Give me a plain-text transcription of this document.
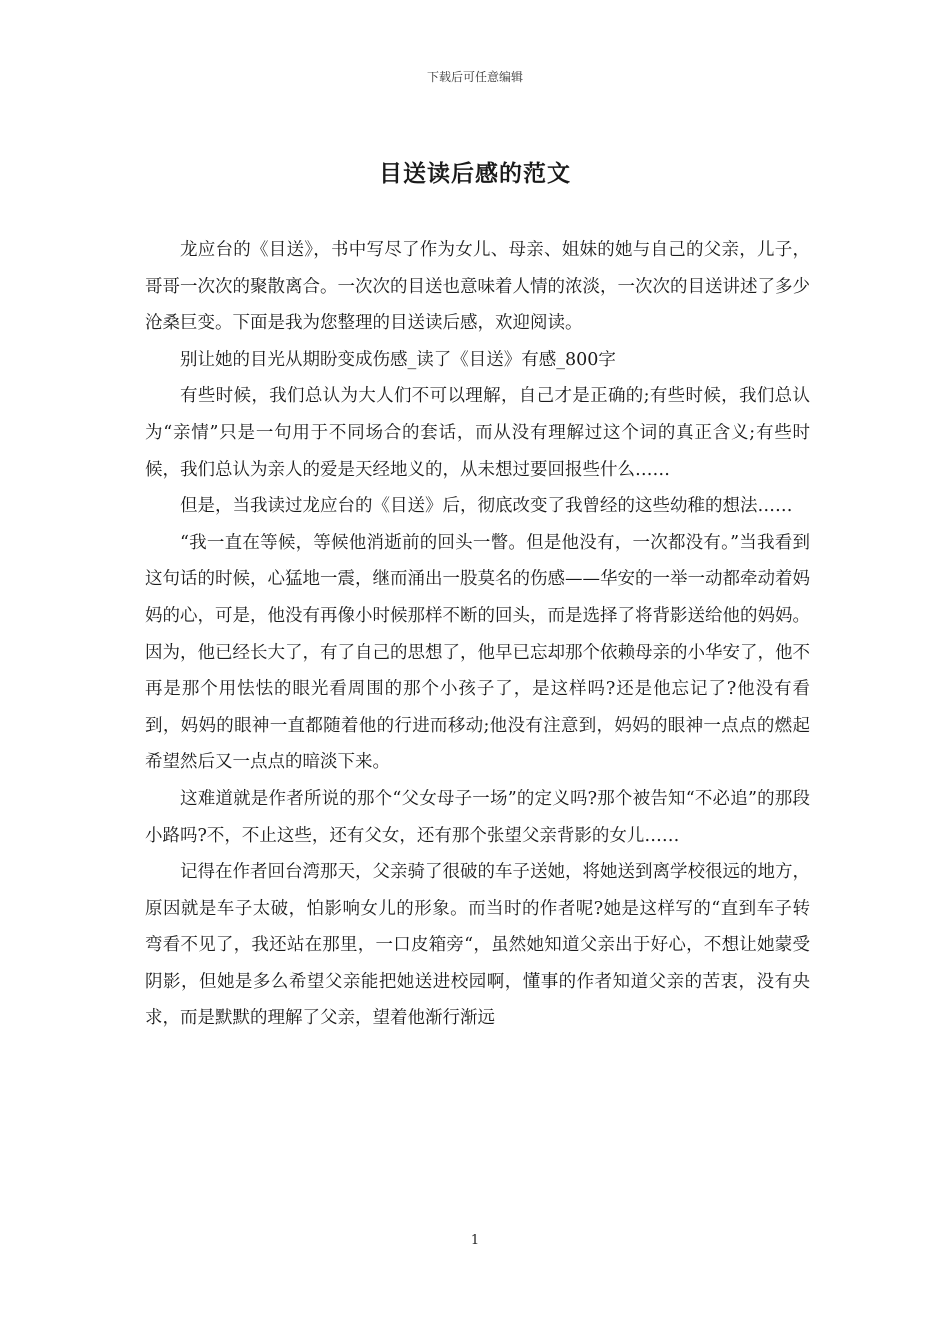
下载后可任意编辑
目送读后感的范文

龙应台的《目送》，书中写尽了作为女儿、母亲、姐妹的她与自己的父亲，儿子，哥哥一次次的聚散离合。一次次的目送也意味着人情的浓淡，一次次的目送讲述了多少沧桑巨变。下面是我为您整理的目送读后感，欢迎阅读。

别让她的目光从期盼变成伤感_读了《目送》有感_800字

有些时候，我们总认为大人们不可以理解，自己才是正确的;有些时候，我们总认为“亲情”只是一句用于不同场合的套话，而从没有理解过这个词的真正含义;有些时候，我们总认为亲人的爱是天经地义的，从未想过要回报些什么……

但是，当我读过龙应台的《目送》后，彻底改变了我曾经的这些幼稚的想法……

“我一直在等候，等候他消逝前的回头一瞥。但是他没有，一次都没有。”当我看到这句话的时候，心猛地一震，继而涌出一股莫名的伤感——华安的一举一动都牵动着妈妈的心，可是，他没有再像小时候那样不断的回头，而是选择了将背影送给他的妈妈。因为，他已经长大了，有了自己的思想了，他早已忘却那个依赖母亲的小华安了，他不再是那个用怯怯的眼光看周围的那个小孩子了，是这样吗?还是他忘记了?他没有看到，妈妈的眼神一直都随着他的行进而移动;他没有注意到，妈妈的眼神一点点的燃起希望然后又一点点的暗淡下来。

这难道就是作者所说的那个“父女母子一场”的定义吗?那个被告知“不必追”的那段小路吗?不，不止这些，还有父女，还有那个张望父亲背影的女儿……

记得在作者回台湾那天，父亲骑了很破的车子送她，将她送到离学校很远的地方，原因就是车子太破，怕影响女儿的形象。而当时的作者呢?她是这样写的“直到车子转弯看不见了，我还站在那里，一口皮箱旁“，虽然她知道父亲出于好心，不想让她蒙受阴影，但她是多么希望父亲能把她送进校园啊，懂事的作者知道父亲的苦衷，没有央求，而是默默的理解了父亲，望着他渐行渐远

1
